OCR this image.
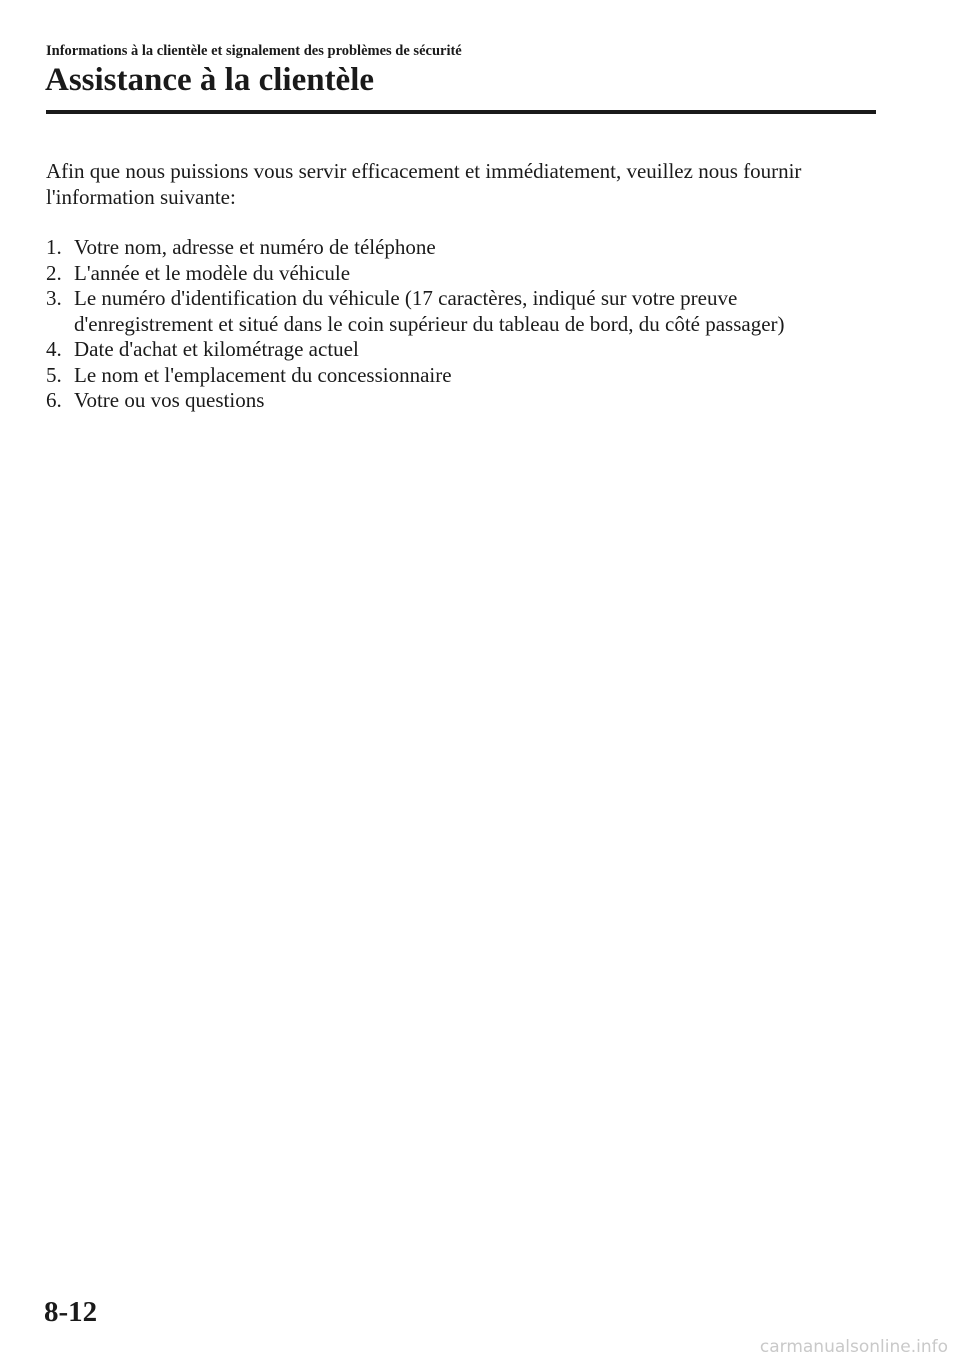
Informations à la clientèle et signalement des problèmes de sécurité
Assistance à la clientèle

Afin que nous puissions vous servir efficacement et immédiatement, veuillez nous fournir
l'information suivante:

1. Votre nom, adresse et numéro de téléphone
2. L'année et le modèle du véhicule
3. Le numéro d'identification du véhicule (17 caractères, indiqué sur votre preuve
d'enregistrement et situé dans le coin supérieur du tableau de bord, du côté passager)
4. Date d'achat et kilométrage actuel
5. Le nom et l'emplacement du concessionnaire
6. Votre ou vos questions
8-12
carmanualsonline.info
